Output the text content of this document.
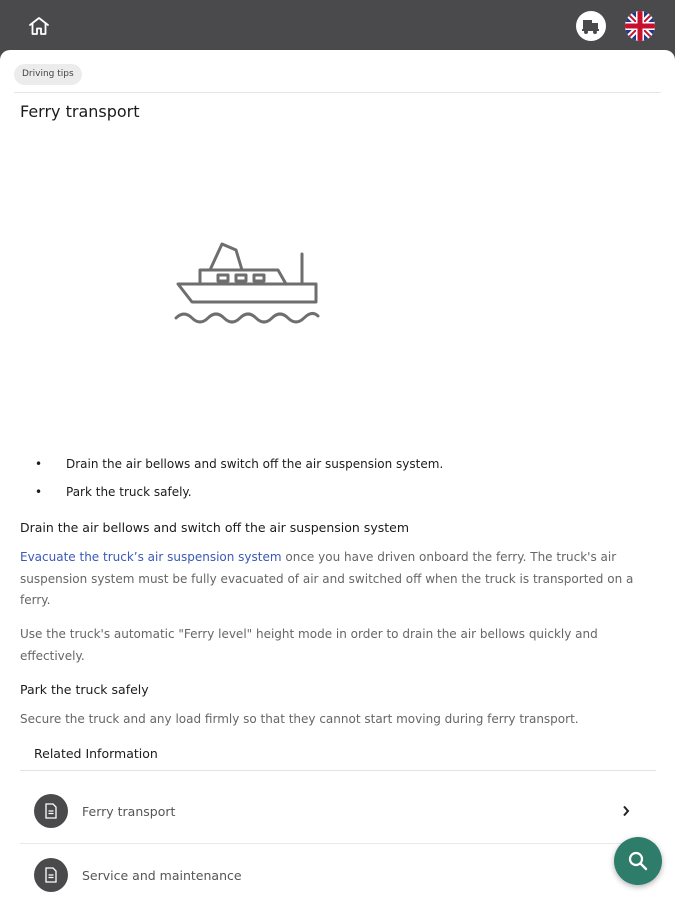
Driving tips
Ferry transport
• Drain the air bellows and switch off the air suspension system.
• Park the truck safely.
Drain the air bellows and switch off the air suspension system

Evacuate the truck’s air suspension system once you have driven onboard the ferry. The truck's air suspension system must be fully evacuated of air and switched off when the truck is transported on a ferry.

Use the truck's automatic "Ferry level" height mode in order to drain the air bellows quickly and effectively.

Park the truck safely

Secure the truck and any load firmly so that they cannot start moving during ferry transport.

Related Information
Ferry transport
Service and maintenance
